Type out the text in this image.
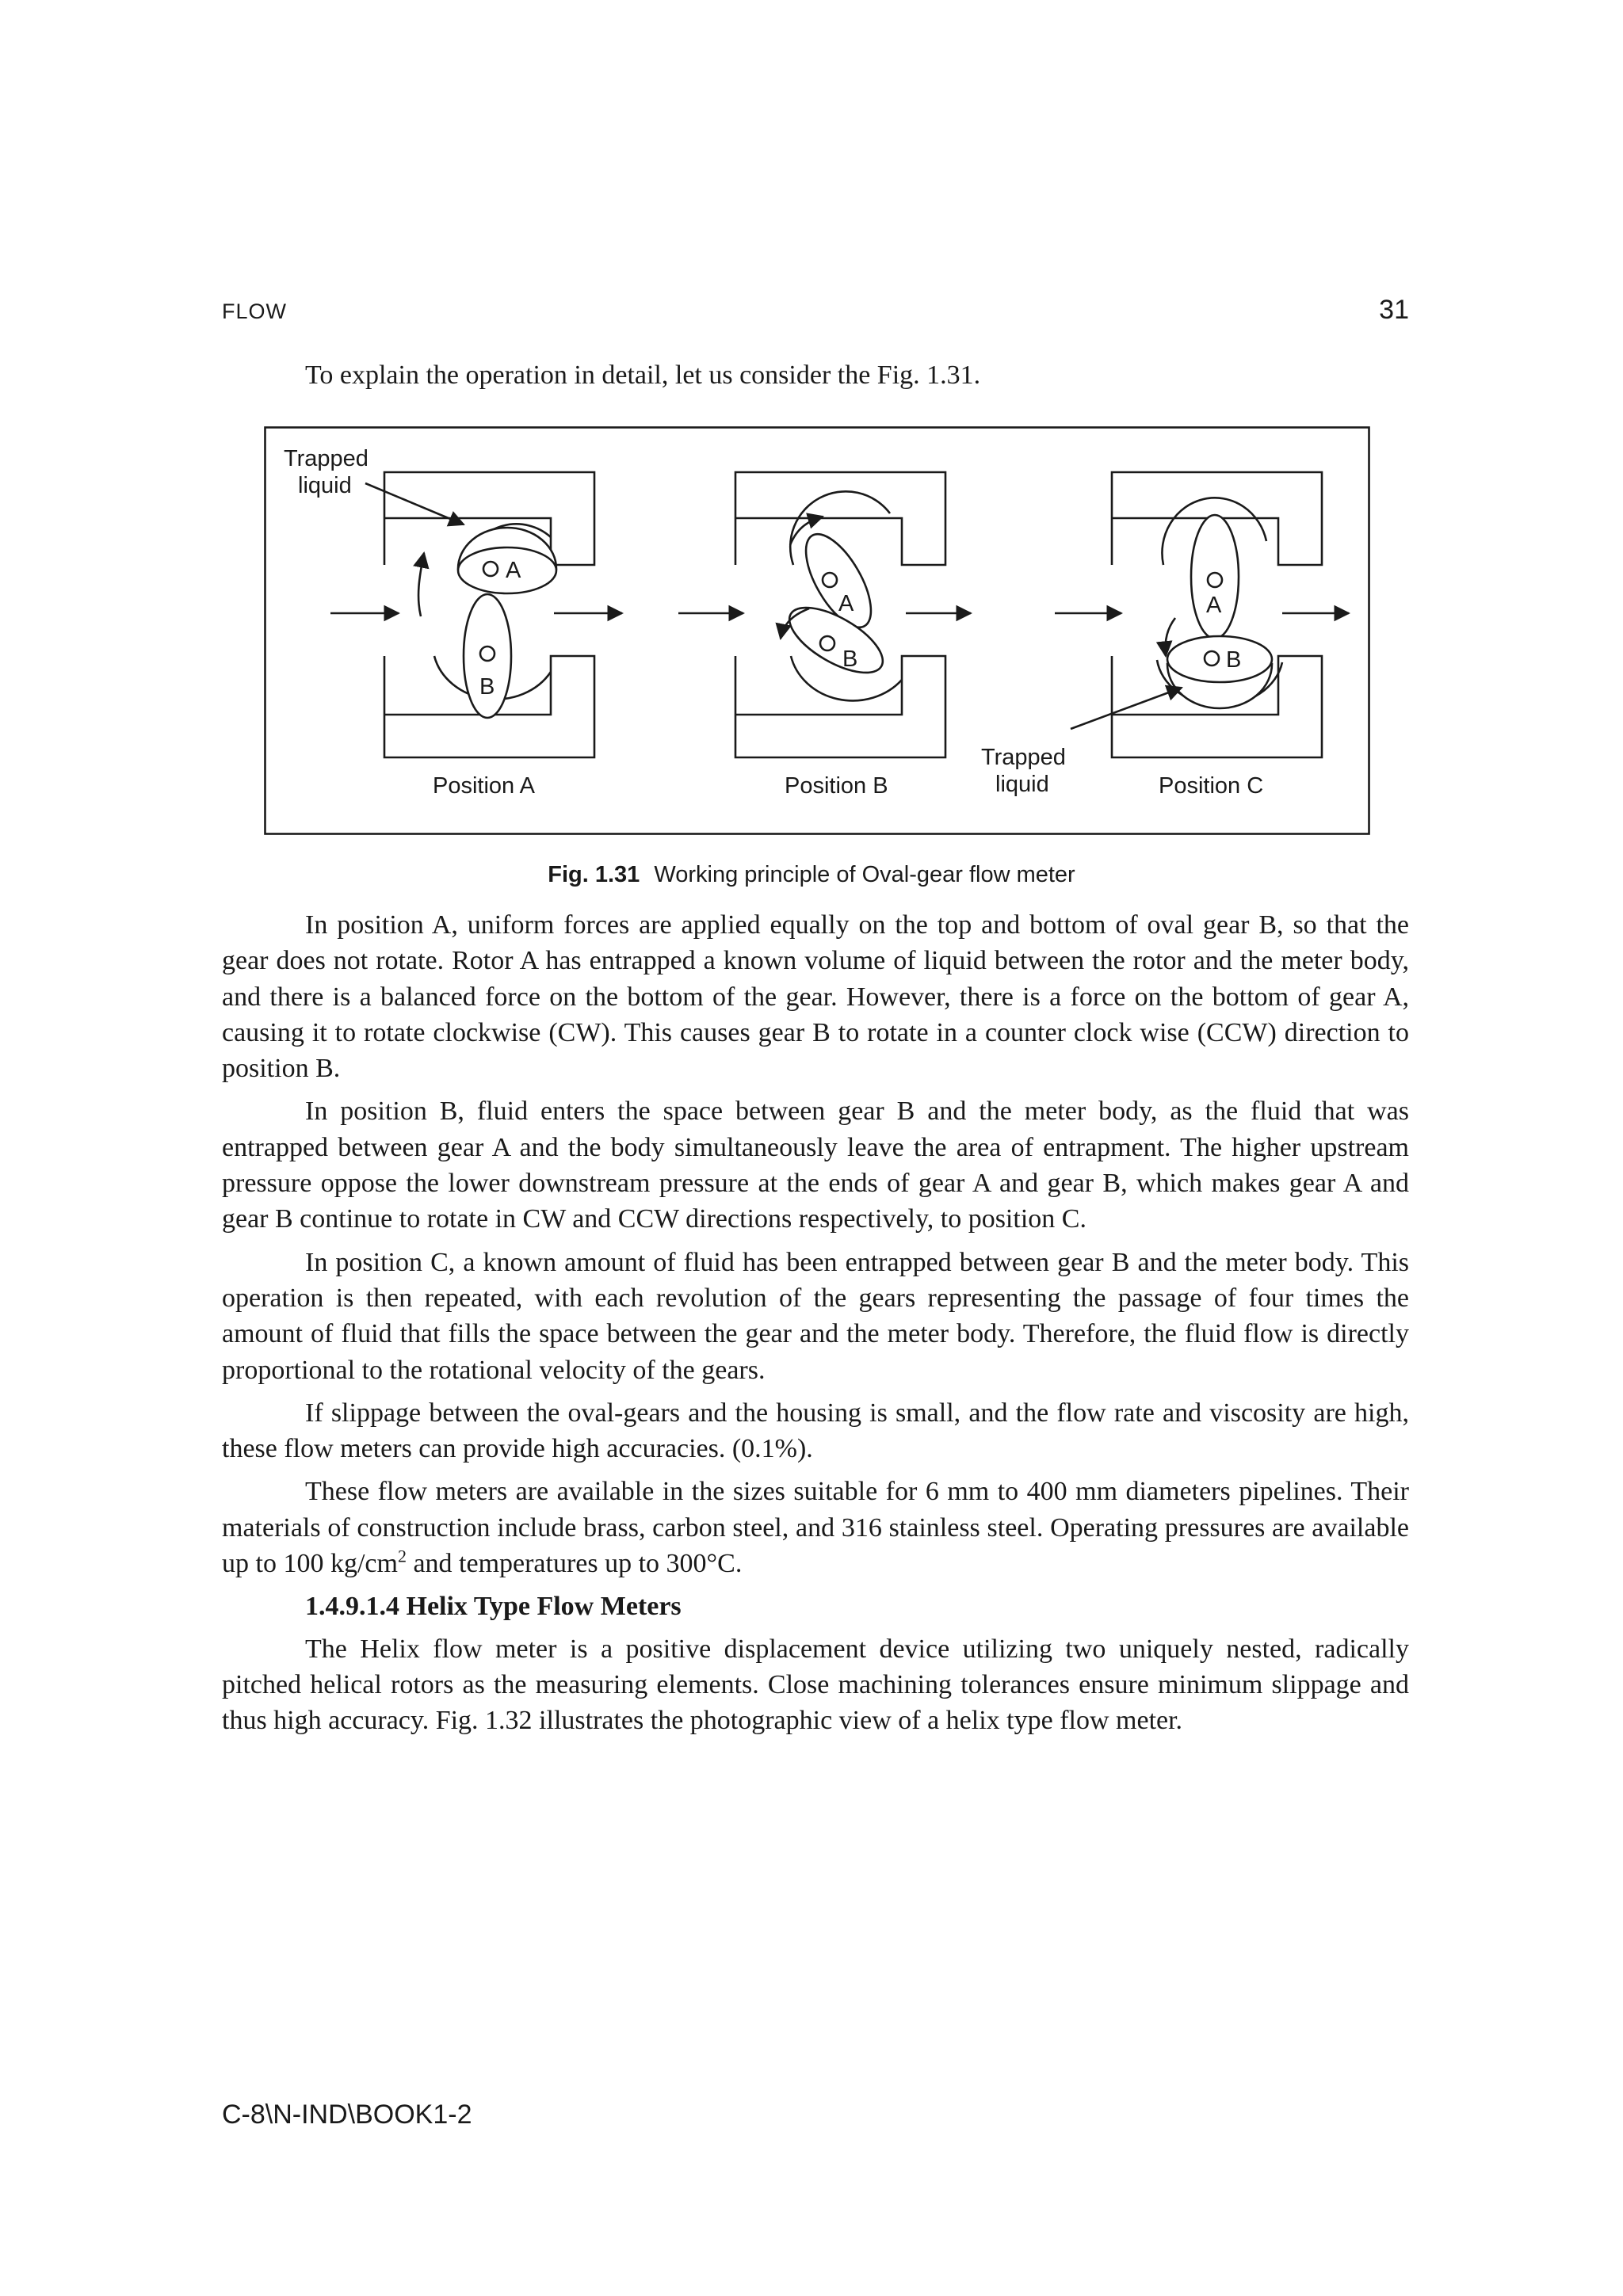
FLOW	31
To explain the operation in detail, let us consider the Fig. 1.31.
A
B
Trapped
liquid
Position A
A
B
Position B
A
B
Trapped
liquid	Position C
Fig. 1.31 Working principle of Oval-gear flow meter

In position A, uniform forces are applied equally on the top and bottom of oval gear B, so that the gear does not rotate. Rotor A has entrapped a known volume of liquid between the rotor and the meter body, and there is a balanced force on the bottom of the gear. However, there is a force on the bottom of gear A, causing it to rotate clockwise (CW). This causes gear B to rotate in a counter clock wise (CCW) direction to position B.

In position B, fluid enters the space between gear B and the meter body, as the fluid that was entrapped between gear A and the body simultaneously leave the area of entrapment. The higher upstream pressure oppose the lower downstream pressure at the ends of gear A and gear B, which makes gear A and gear B continue to rotate in CW and CCW directions respectively, to position C.

In position C, a known amount of fluid has been entrapped between gear B and the meter body. This operation is then repeated, with each revolution of the gears representing the passage of four times the amount of fluid that fills the space between the gear and the meter body. Therefore, the fluid flow is directly proportional to the rotational velocity of the gears.

If slippage between the oval-gears and the housing is small, and the flow rate and viscosity are high, these flow meters can provide high accuracies. (0.1%).

These flow meters are available in the sizes suitable for 6 mm to 400 mm diameters pipelines. Their materials of construction include brass, carbon steel, and 316 stainless steel. Operating pressures are available up to 100 $kg/cm^2$ and temperatures up to 300°C.

1.4.9.1.4 Helix Type Flow Meters

The Helix flow meter is a positive displacement device utilizing two uniquely nested, radically pitched helical rotors as the measuring elements. Close machining tolerances ensure minimum slippage and thus high accuracy. Fig. 1.32 illustrates the photographic view of a helix type flow meter.

C-8\N-IND\BOOK1-2
